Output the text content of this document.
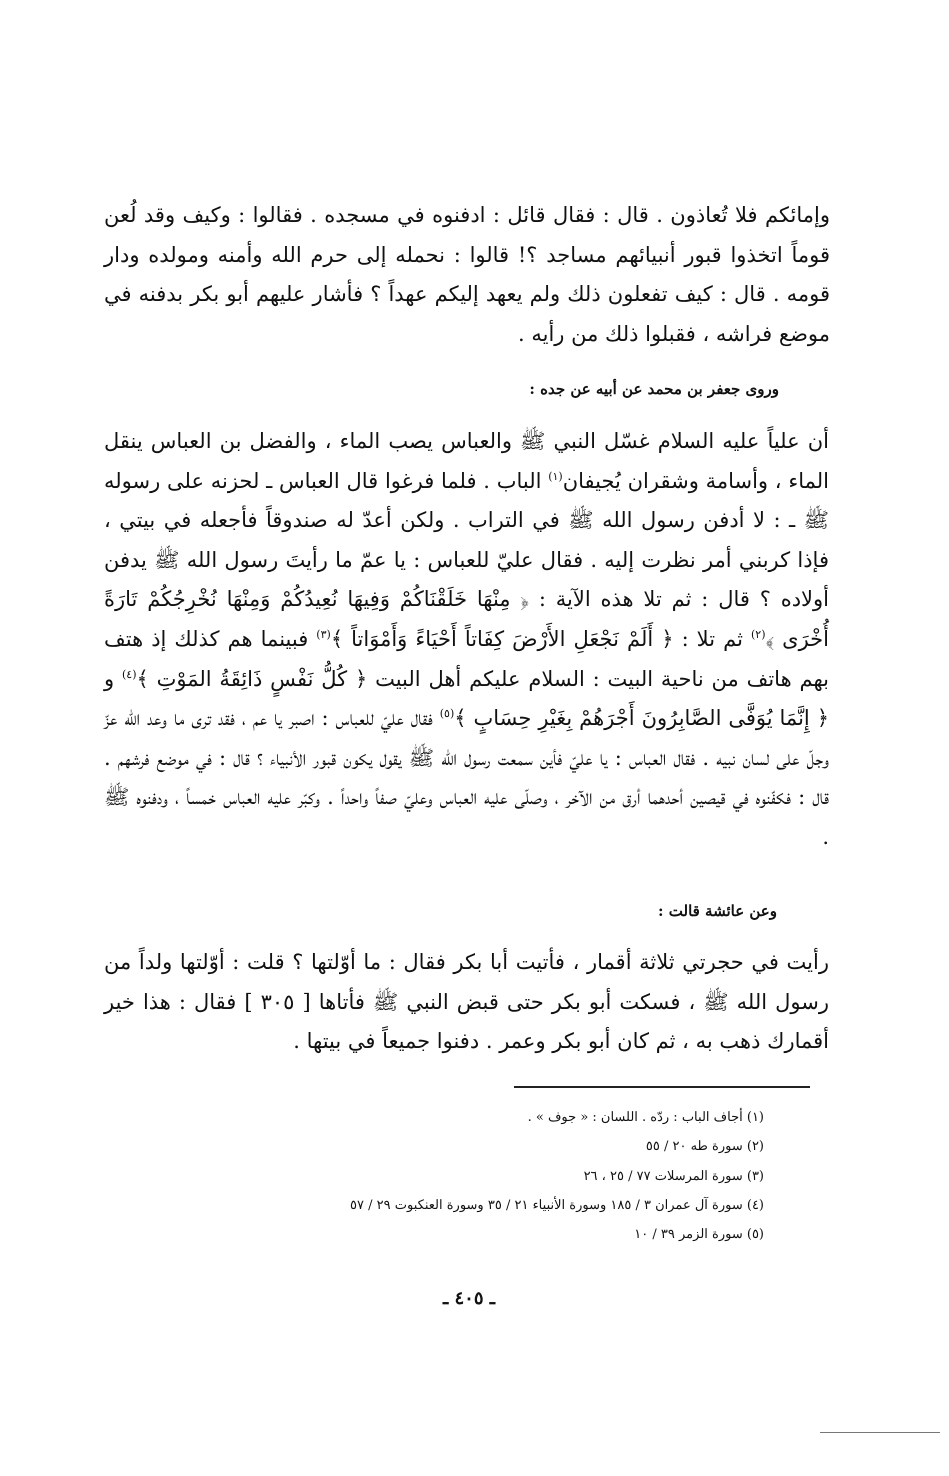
وإمائكم فلا تُعاذون . قال : فقال قائل : ادفنوه في مسجده . فقالوا : وكيف وقد لُعن قوماً اتخذوا قبور أنبيائهم مساجد ؟! قالوا : نحمله إلى حرم الله وأمنه ومولده ودار قومه . قال : كيف تفعلون ذلك ولم يعهد إليكم عهداً ؟ فأشار عليهم أبو بكر بدفنه في موضع فراشه ، فقبلوا ذلك من رأيه .

وروى جعفر بن محمد عن أبيه عن جده :

أن علياً عليه السلام غسّل النبي ﷺ والعباس يصب الماء ، والفضل بن العباس ينقل الماء ، وأسامة وشقران يُجيفان$^{(١)}$ الباب . فلما فرغوا قال العباس ـ لحزنه على رسوله ﷺ ـ : لا أدفن رسول الله ﷺ في التراب . ولكن أعدّ له صندوقاً فأجعله في بيتي ، فإذا كربني أمر نظرت إليه . فقال عليّ للعباس : يا عمّ ما رأيتَ رسول الله ﷺ يدفن أولاده ؟ قال : ثم تلا هذه الآية : ﴿ مِنْهَا خَلَقْنَاكُمْ وَفِيهَا نُعِيدُكُمْ وَمِنْهَا نُخْرِجُكُمْ تَارَةً أُخْرَى ﴾$^{(٢)}$ ثم تلا : ﴿ أَلَمْ نَجْعَلِ الأَرْضَ كِفَاتاً أَحْيَاءً وَأَمْوَاتاً ﴾$^{(٣)}$ فبينما هم كذلك إذ هتف بهم هاتف من ناحية البيت : السلام عليكم أهل البيت ﴿ كُلُّ نَفْسٍ ذَائِقَةُ المَوْتِ ﴾$^{(٤)}$ و ﴿ إِنَّمَا يُوَفَّى الصَّابِرُونَ أَجْرَهُمْ بِغَيْرِ حِسَابٍ ﴾$^{(٥)}$ فقال عليّ للعباس : اصبر يا عم ، فقد ترى ما وعد الله عزّ وجلّ على لسان نبيه . فقال العباس : يا عليّ فأين سمعت رسول الله ﷺ يقول يكون قبور الأنبياء ؟ قال : في موضع فرشهم . قال : فكفّنوه في قيصين أحدهما أرق من الآخر ، وصلّى عليه العباس وعليّ صفاً واحداً . وكبّر عليه العباس خمساً ، ودفنوه ﷺ .

وعن عائشة قالت :

رأيت في حجرتي ثلاثة أقمار ، فأتيت أبا بكر فقال : ما أوّلتها ؟ قلت : أوّلتها ولداً من رسول الله ﷺ ، فسكت أبو بكر حتى قبض النبي ﷺ فأتاها [ ٣٠٥ ] فقال : هذا خير أقمارك ذهب به ، ثم كان أبو بكر وعمر . دفنوا جميعاً في بيتها .

(١) أجاف الباب : ردّه . اللسان : « جوف » .

(٢) سورة طه ٢٠ / ٥٥

(٣) سورة المرسلات ٧٧ / ٢٥ ، ٢٦

(٤) سورة آل عمران ٣ / ١٨٥ وسورة الأنبياء ٢١ / ٣٥ وسورة العنكبوت ٢٩ / ٥٧

(٥) سورة الزمر ٣٩ / ١٠

ـ ٤٠٥ ـ
